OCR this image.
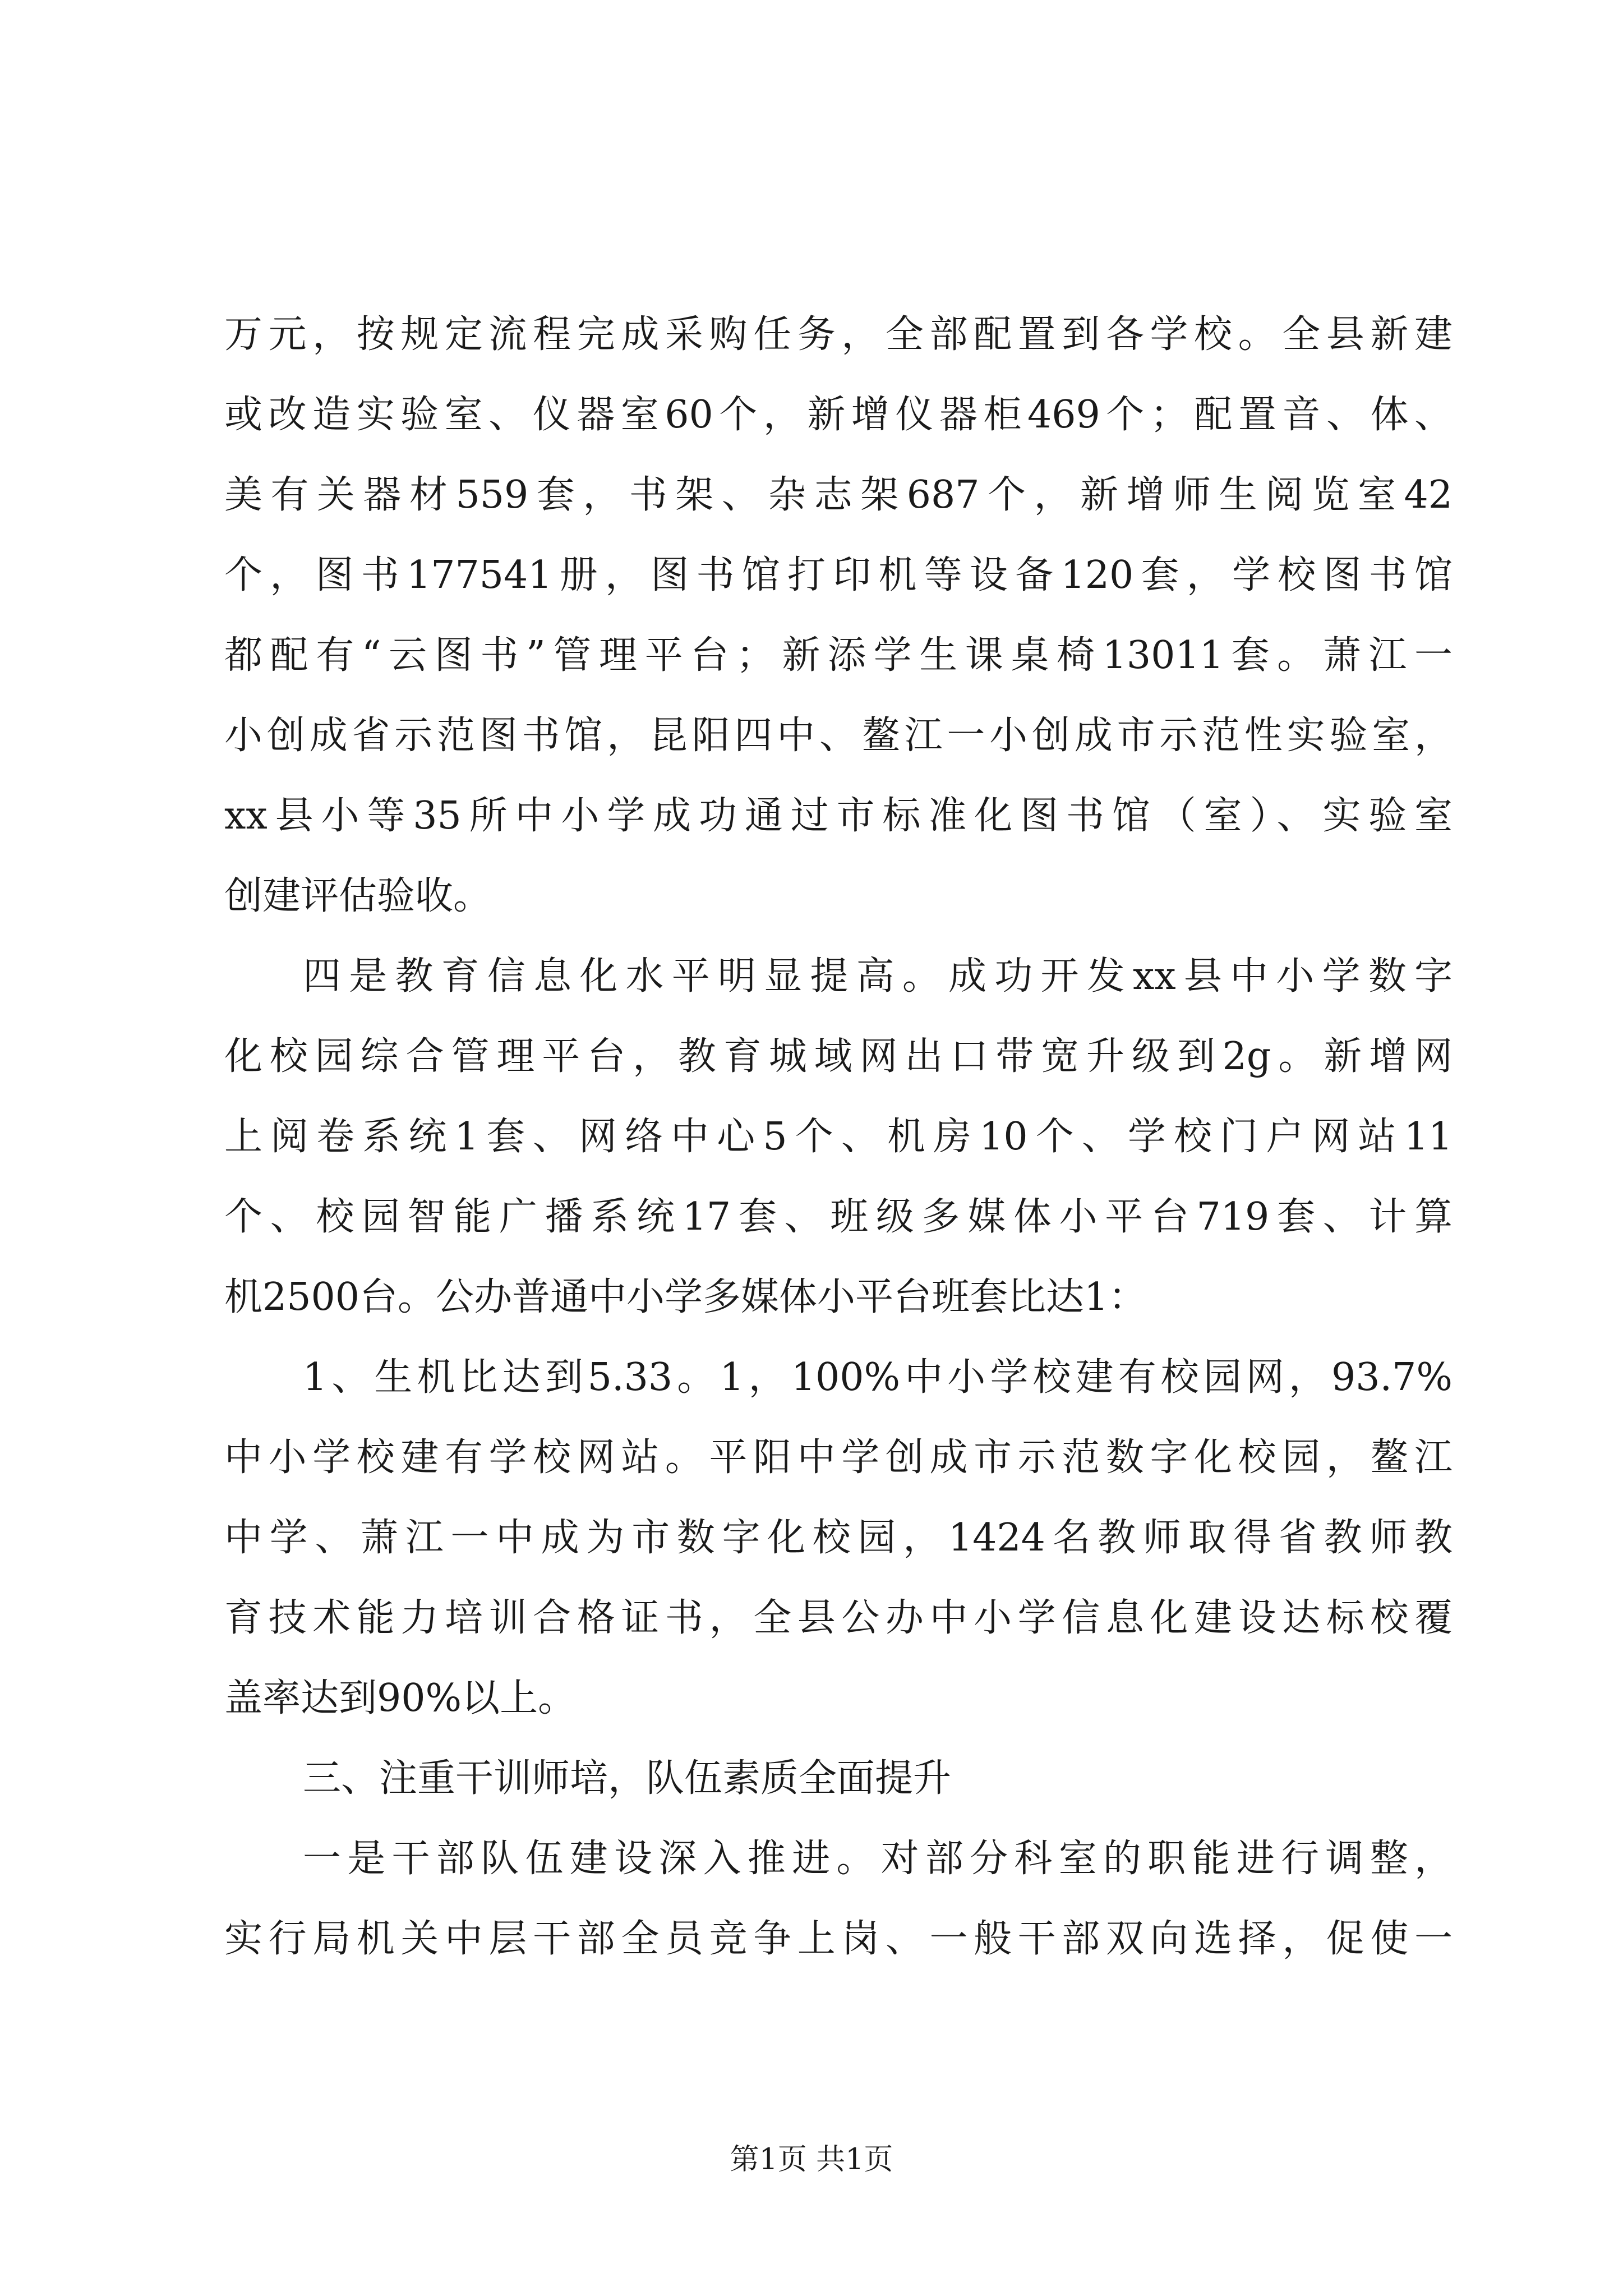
万元，按规定流程完成采购任务，全部配置到各学校。全县新建
或改造实验室、仪器室60个，新增仪器柜469个；配置音、体、
美有关器材559套，书架、杂志架687个，新增师生阅览室42
个，图书177541册，图书馆打印机等设备120套，学校图书馆
都配有“云图书”管理平台；新添学生课桌椅13011套。萧江一
小创成省示范图书馆，昆阳四中、鳌江一小创成市示范性实验室，
xx县小等35所中小学成功通过市标准化图书馆（室）、实验室
创建评估验收。
四是教育信息化水平明显提高。成功开发xx县中小学数字
化校园综合管理平台，教育城域网出口带宽升级到2g。新增网
上阅卷系统1套、网络中心5个、机房10个、学校门户网站11
个、校园智能广播系统17套、班级多媒体小平台719套、计算
机2500台。公办普通中小学多媒体小平台班套比达1：
1、生机比达到5.33。1，100%中小学校建有校园网，93.7%
中小学校建有学校网站。平阳中学创成市示范数字化校园，鳌江
中学、萧江一中成为市数字化校园，1424名教师取得省教师教
育技术能力培训合格证书，全县公办中小学信息化建设达标校覆
盖率达到90%以上。
三、注重干训师培，队伍素质全面提升
一是干部队伍建设深入推进。对部分科室的职能进行调整，
实行局机关中层干部全员竞争上岗、一般干部双向选择，促使一
第1页 共1页
